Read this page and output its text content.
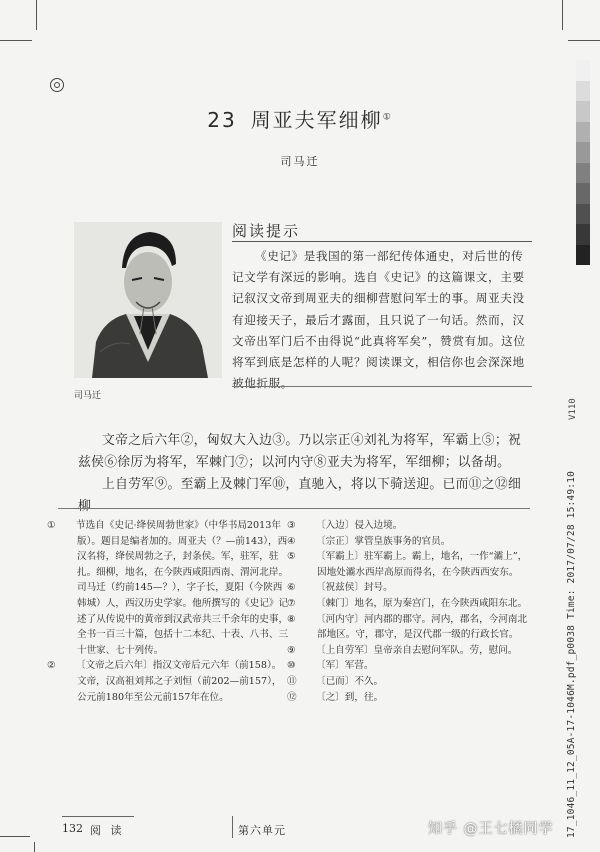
23 周亚夫军细柳①
司马迁
司马迁
阅读提示
《史记》是我国的第一部纪传体通史，对后世的传记文学有深远的影响。选自《史记》的这篇课文，主要记叙汉文帝到周亚夫的细柳营慰问军士的事。周亚夫没有迎接天子，最后才露面，且只说了一句话。然而，汉文帝出军门后不由得说“此真将军矣”，赞赏有加。这位将军到底是怎样的人呢？阅读课文，相信你也会深深地被他折服。
文帝之后六年②，匈奴大入边③。乃以宗正④刘礼为将军，军霸上⑤；祝兹侯⑥徐厉为将军，军棘门⑦；以河内守⑧亚夫为将军，军细柳；以备胡。
上自劳军⑨。至霸上及棘门军⑩，直驰入，将以下骑送迎。已而⑪之⑫细柳
① 节选自《史记·绛侯周勃世家》（中华书局2013年版）。题目是编者加的。周亚夫（？—前143），西汉名将，绛侯周勃之子，封条侯。军，驻军，驻扎。细柳，地名，在今陕西咸阳西南、渭河北岸。司马迁（约前145—？），字子长，夏阳（今陕西韩城）人，西汉历史学家。他所撰写的《史记》记述了从传说中的黄帝到汉武帝共三千余年的史事，全书一百三十篇，包括十二本纪、十表、八书、三十世家、七十列传。
② 〔文帝之后六年〕指汉文帝后元六年（前158）。文帝，汉高祖刘邦之子刘恒（前202—前157），公元前180年至公元前157年在位。
③ 〔入边〕侵入边境。
④ 〔宗正〕掌管皇族事务的官员。
⑤ 〔军霸上〕驻军霸上。霸上，地名，一作“灞上”，因地处灞水西岸高原而得名，在今陕西西安东。
⑥ 〔祝兹侯〕封号。
⑦ 〔棘门〕地名，原为秦宫门，在今陕西咸阳东北。
⑧ 〔河内守〕河内郡的郡守。河内，郡名，今河南北部地区。守，郡守，是汉代郡一级的行政长官。
⑨ 〔上自劳军〕皇帝亲自去慰问军队。劳，慰问。
⑩ 〔军〕军营。
⑪ 〔已而〕不久。
⑫ 〔之〕到，往。
132 阅 读	第六单元
V110
17_1046_11_12_05A-17-1046M.pdf_p0038 Time: 2017/07/28 15:49:10
知乎 @王七橘同学
